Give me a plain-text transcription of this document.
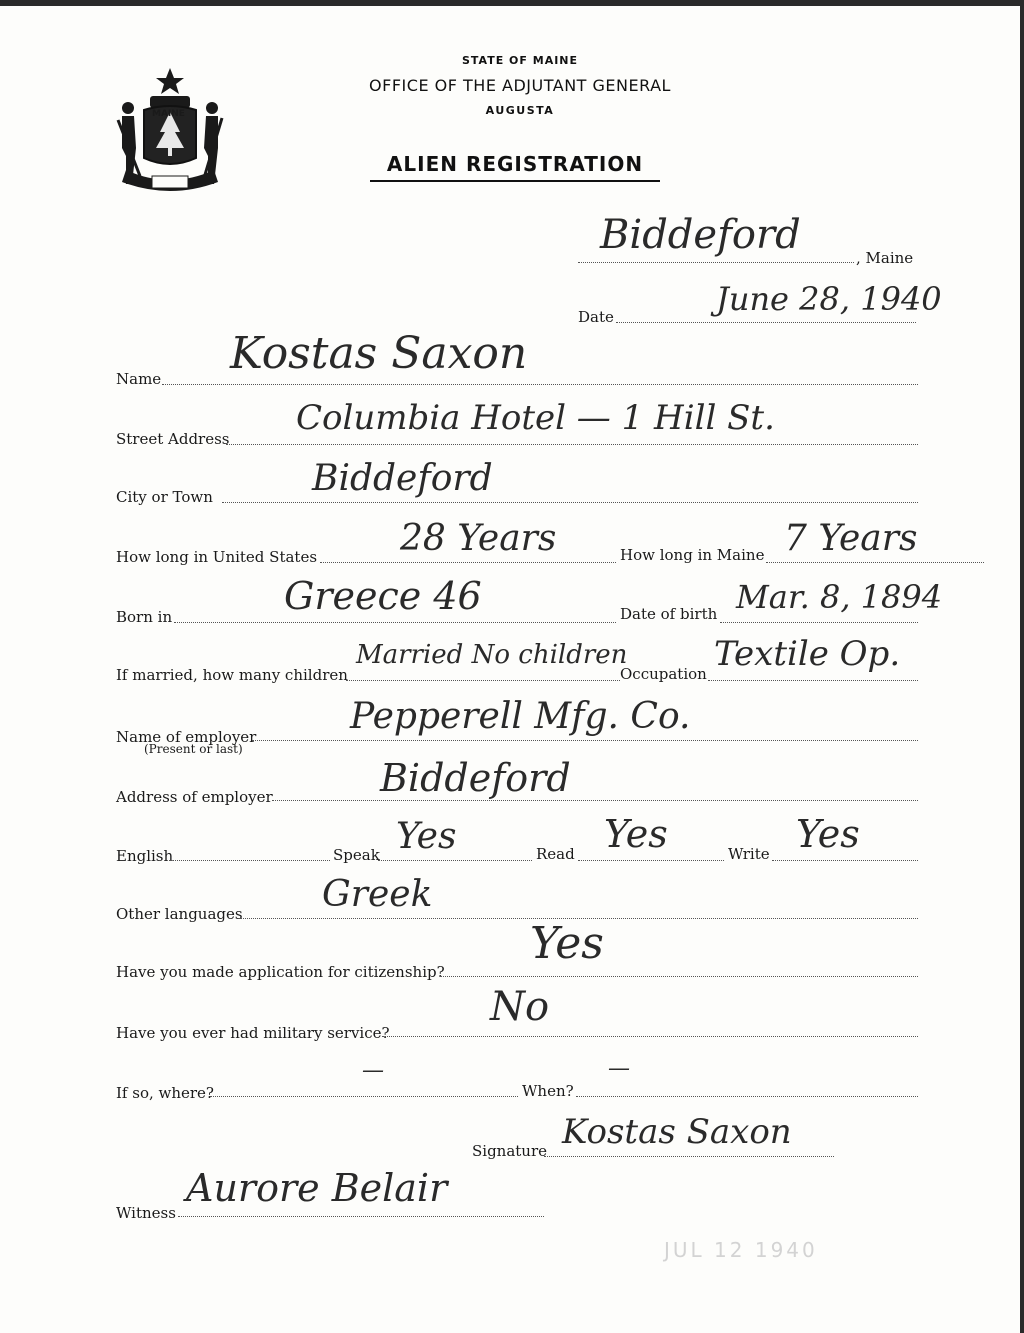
MAINE
STATE OF MAINE
OFFICE OF THE ADJUTANT GENERAL
AUGUSTA
ALIEN REGISTRATION
Biddeford	, Maine
Date	June 28, 1940
Name Kostas Saxon
Street Address
Columbia Hotel — 1 Hill St.
City or Town	Biddeford
How long in United States 28 Years	How long in Maine 7 Years
Born in	Greece 46	Date of birth Mar. 8, 1894
If married, how many children
Married No children
Occupation Textile Op.
Name of employer
(Present or last)
Pepperell Mfg. Co.
Address of employer	Biddeford
English	Speak Yes	Read Yes	Write Yes
Other languages Greek
Have you made application for citizenship?
Yes
Have you ever had military service?
No
If so, where?
—
When?
—
Signature Kostas Saxon
Witness
Aurore Belair
JUL 12 1940
